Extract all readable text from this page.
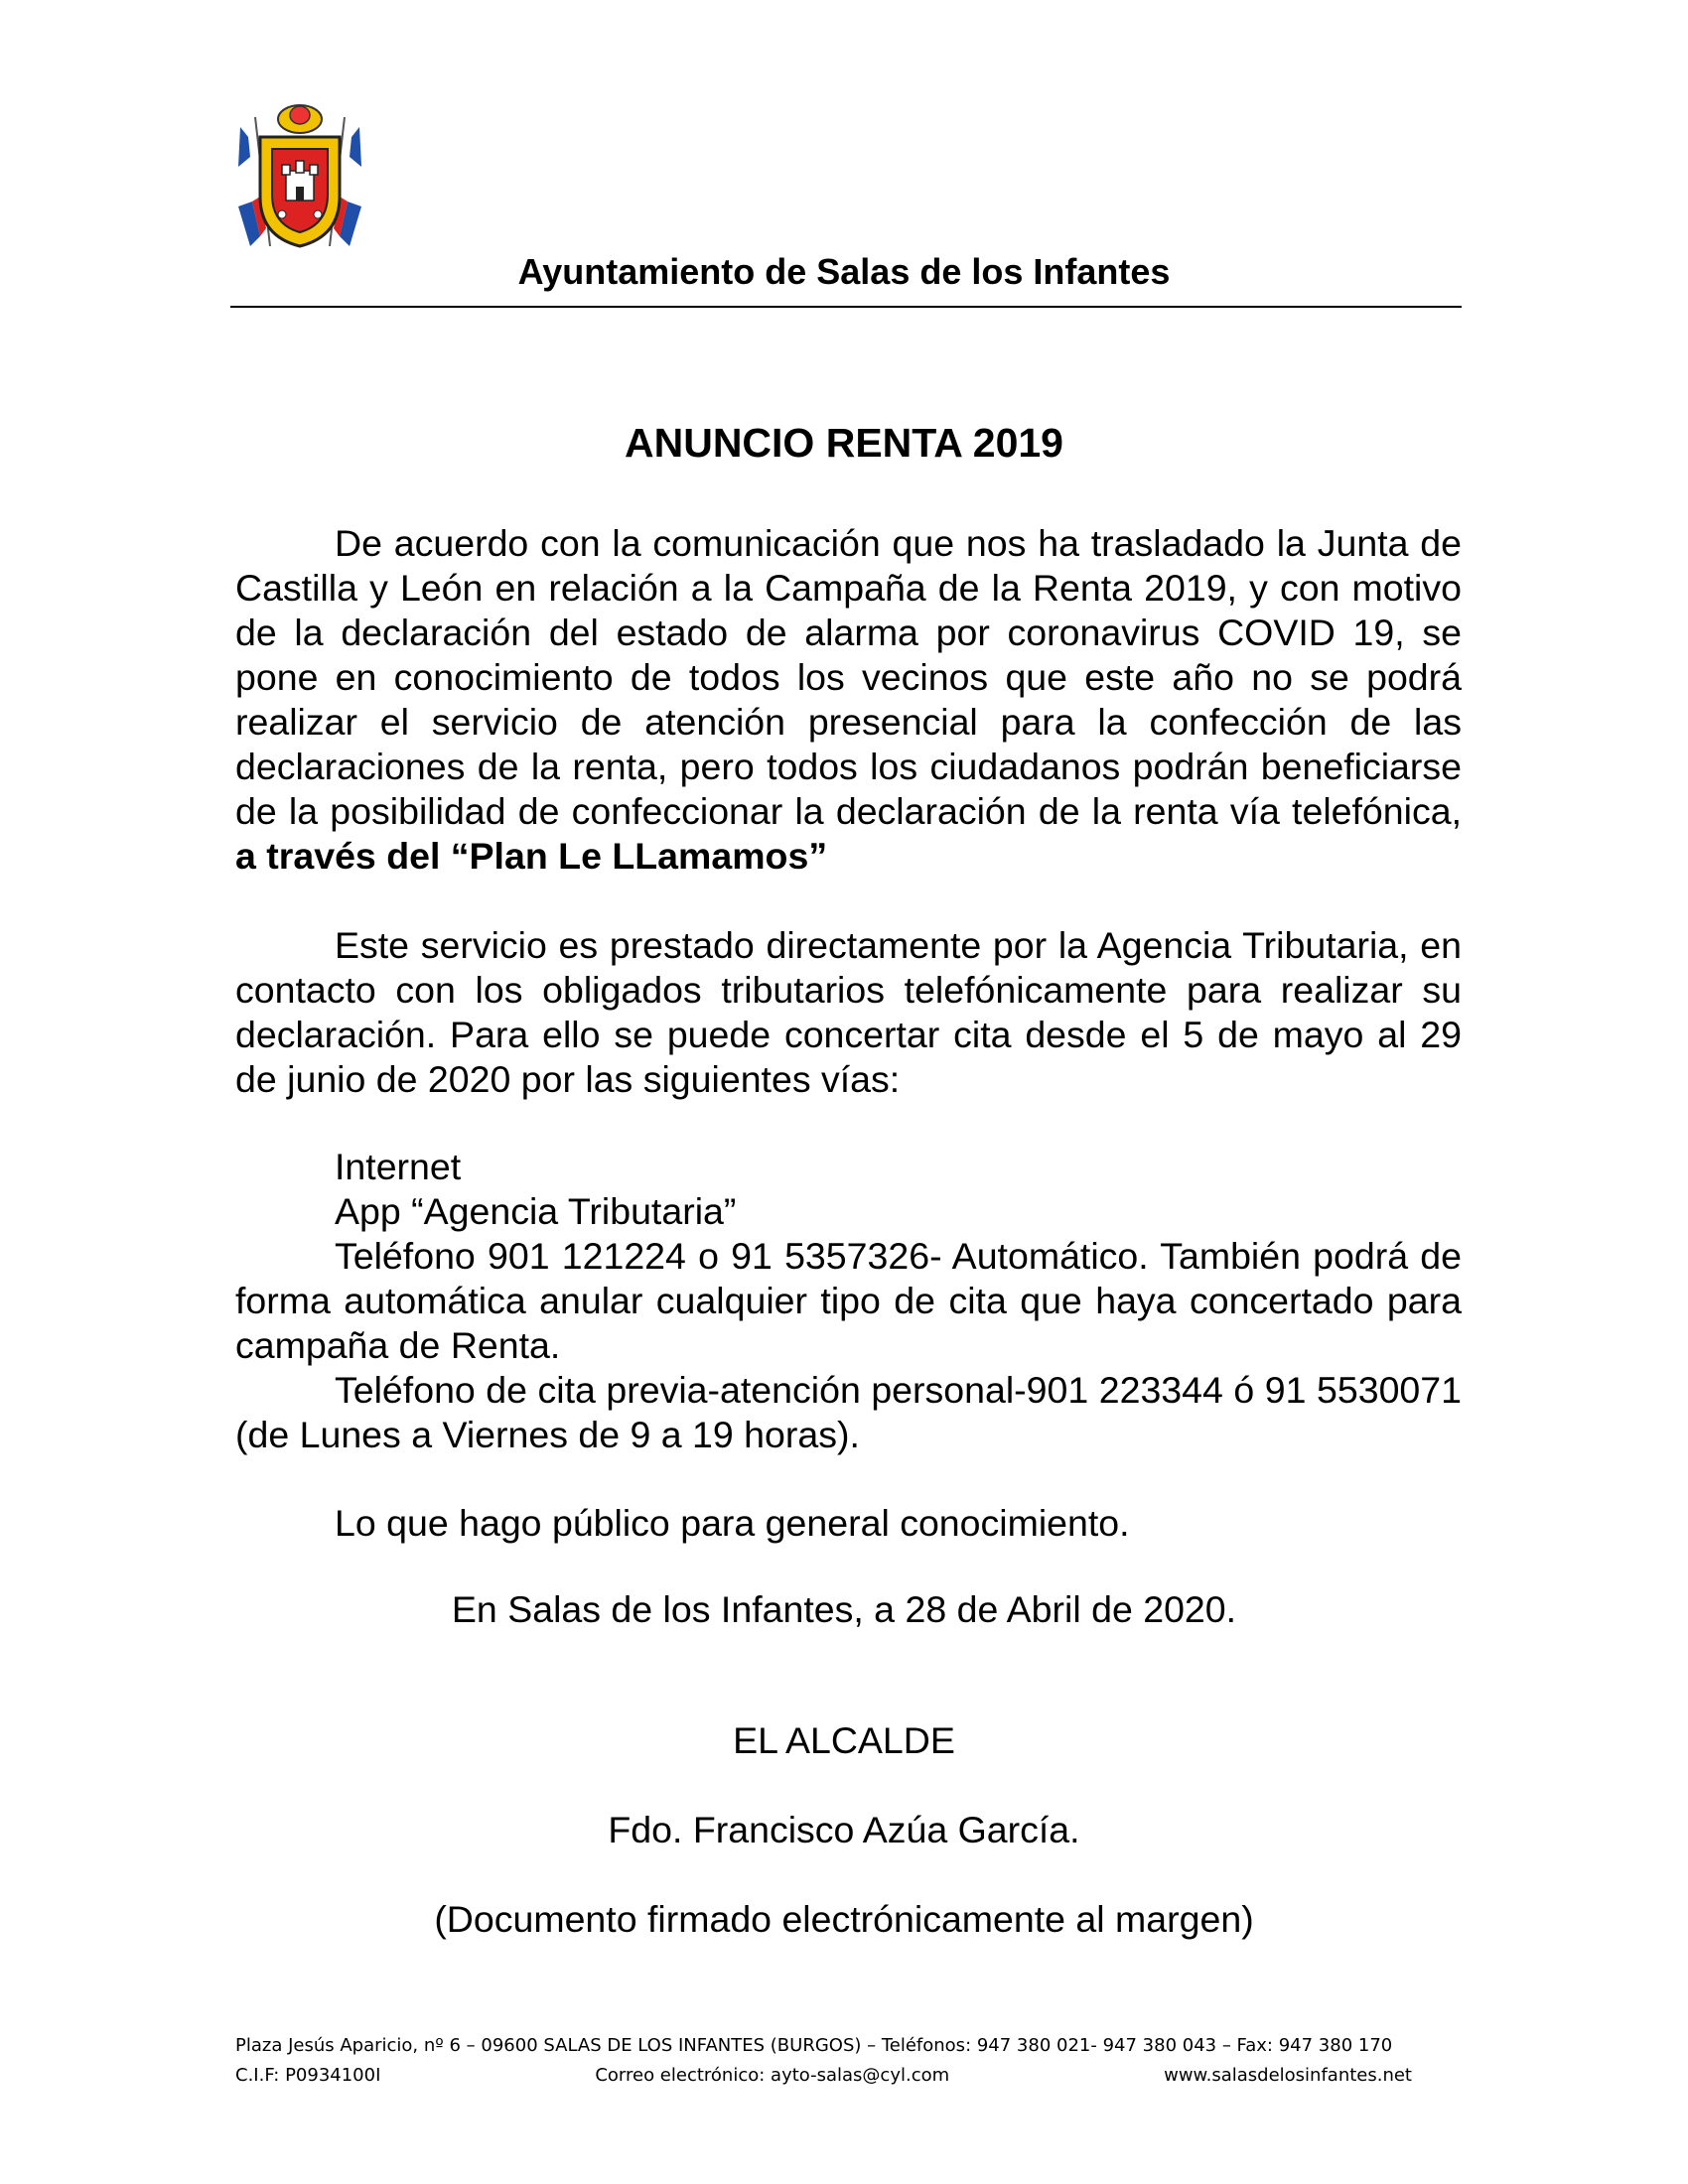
Ayuntamiento de Salas de los Infantes
ANUNCIO RENTA 2019
De acuerdo con la comunicación que nos ha trasladado la Junta de Castilla y León en relación a la Campaña de la Renta 2019, y con motivo de la declaración del estado de alarma por coronavirus COVID 19, se pone en conocimiento de todos los vecinos que este año no se podrá realizar el servicio de atención presencial para la confección de las declaraciones de la renta, pero todos los ciudadanos podrán beneficiarse de la posibilidad de confeccionar la declaración de la renta vía telefónica, a través del “Plan Le LLamamos”
Este servicio es prestado directamente por la Agencia Tributaria, en contacto con los obligados tributarios telefónicamente para realizar su declaración. Para ello se puede concertar cita desde el 5 de mayo al 29 de junio de 2020 por las siguientes vías:
Internet
App “Agencia Tributaria”
Teléfono 901 121224 o 91 5357326- Automático. También podrá de forma automática anular cualquier tipo de cita que haya concertado para campaña de Renta.
Teléfono de cita previa-atención personal-901 223344 ó 91 5530071 (de Lunes a Viernes de 9 a 19 horas).
Lo que hago público para general conocimiento.
En Salas de los Infantes, a 28 de Abril de 2020.
EL ALCALDE
Fdo. Francisco Azúa García.
(Documento firmado electrónicamente al margen)
Plaza Jesús Aparicio, nº 6 – 09600 SALAS DE LOS INFANTES (BURGOS) – Teléfonos: 947 380 021- 947 380 043 – Fax: 947 380 170
C.I.F: P0934100I	Correo electrónico: ayto-salas@cyl.com	www.salasdelosinfantes.net
